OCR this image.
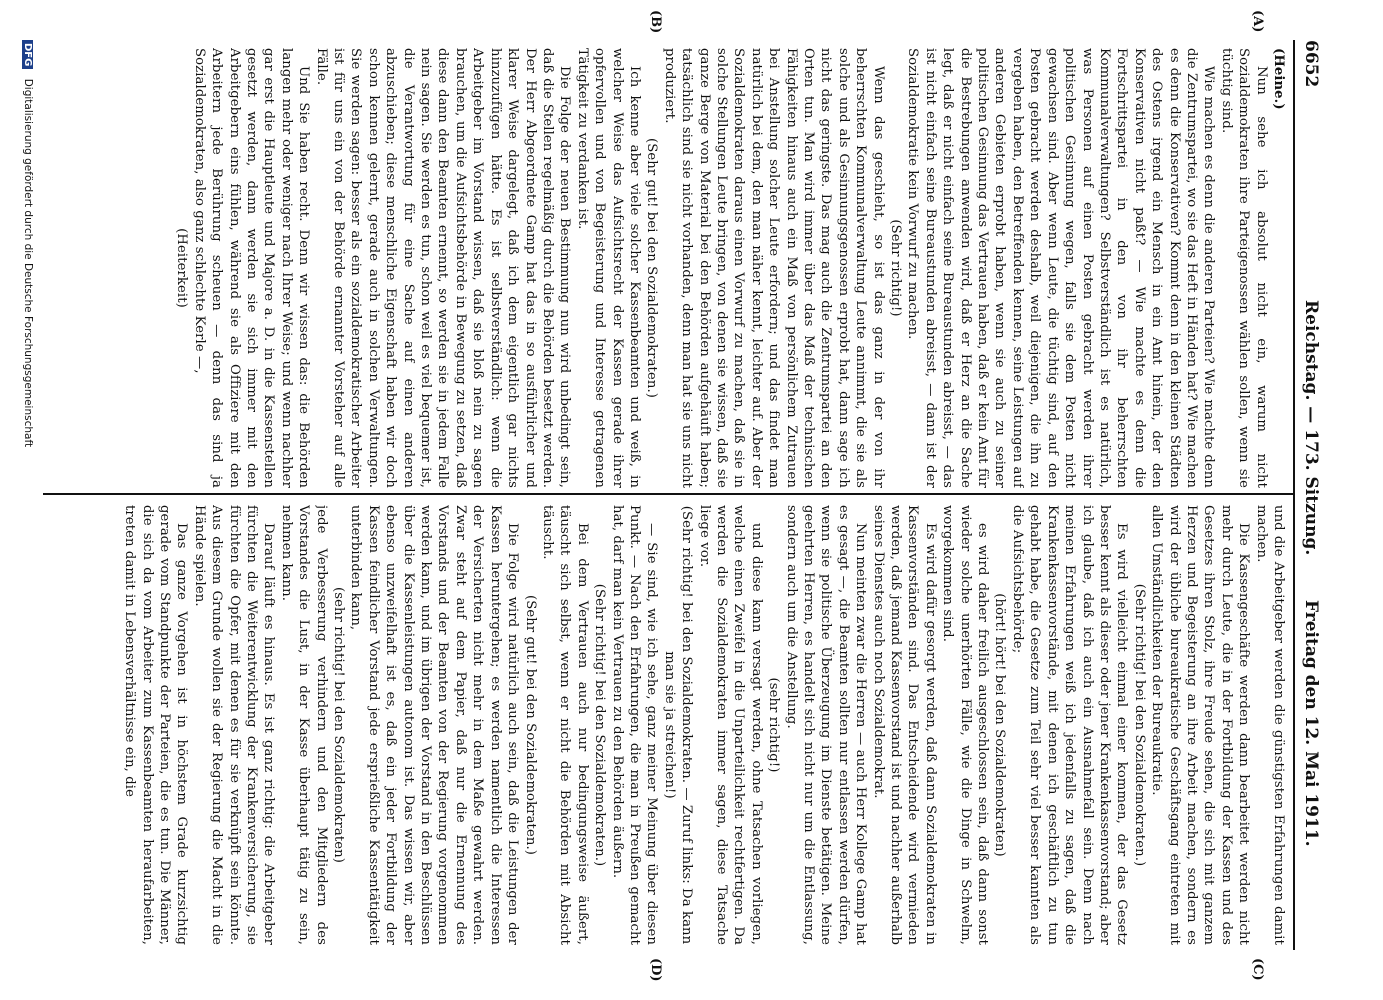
6652
Reichstag. — 173. Sitzung.
Freitag den 12. Mai 1911.
(A)
(B)
(C)
(D)

(Heine.)

Nun sehe ich absolut nicht ein, warum nicht Sozialdemokraten ihre Parteigenossen wählen sollen, wenn sie tüchtig sind.

Wie machen es denn die anderen Parteien? Wie machte denn die Zentrumspartei, wo sie das Heft in Händen hat? Wie machen es denn die Konservativen? Kommt denn in den kleinen Städten des Ostens irgend ein Mensch in ein Amt hinein, der den Konservativen nicht paßt? — Wie machte es denn die Fortschrittspartei in den von ihr beherrschten Kommunalverwaltungen? Selbstverständlich ist es natürlich, was Personen auf einen Posten gebracht werden ihrer politischen Gesinnung wegen, falls sie dem Posten nicht gewachsen sind. Aber wenn Leute, die tüchtig sind, auf den Posten gebracht werden deshalb, weil diejenigen, die ihn zu vergeben haben, den Betreffenden kennen, seine Leistungen auf anderen Gebieten erprobt haben, wenn sie auch zu seiner politischen Gesinnung das Vertrauen haben, daß er kein Amt für die Bestrebungen anwenden wird, daß er Herz an die Sache legt, daß er nicht einfach seine Bureaustunden abreisst, — das ist nicht einfach seine Bureaustunden abreisst, — dann ist der Sozialdemokratie kein Vorwurf zu machen.

(Sehr richtig!)

Wenn das geschieht, so ist das ganz in der von ihr beherrschten Kommunalverwaltung Leute annimmt, die sie als solche und als Gesinnungsgenossen erprobt hat, dann sage ich nicht das geringste. Das mag auch die Zentrumspartei an den Orten tun. Man wird immer über das Maß der technischen Fähigkeiten hinaus auch ein Maß von persönlichem Zutrauen bei Anstellung solcher Leute erfordern; und das findet man natürlich bei dem, den man näher kennt, leichter auf. Aber der Sozialdemokraten daraus einen Vorwurf zu machen, daß sie in solche Stellungen Leute bringen, von denen sie wissen, daß sie ganze Berge von Material bei den Behörden aufgehäuft haben; tatsächlich sind sie nicht vorhanden, denn man hat sie uns nicht produziert.

(Sehr gut! bei den Sozialdemokraten.)

Ich kenne aber viele solcher Kassenbeamten und weiß, in welcher Weise das Aufsichtsrecht der Kassen gerade ihrer opfervollen und von Begeisterung und Interesse getragenen Tätigkeit zu verdanken ist.

Die Folge der neuen Bestimmung nun wird unbedingt sein, daß die Stellen regelmäßig durch die Behörden besetzt werden. Der Herr Abgeordnete Gamp hat das in so ausführlicher und klarer Weise dargelegt, daß ich dem eigentlich gar nichts hinzuzufügen hätte. Es ist selbstverständlich: wenn die Arbeitgeber im Vorstand wissen, daß sie bloß nein zu sagen brauchen, um die Aufsichtsbehörde in Bewegung zu setzen, daß diese dann den Beamten ernennt, so werden sie in jedem Falle nein sagen. Sie werden es tun, schon weil es viel bequemer ist, die Verantwortung für eine Sache auf einen anderen abzuschieben; diese menschliche Eigenschaft haben wir doch schon kennen gelernt, gerade auch in solchen Verwaltungen. Sie werden sagen: besser als ein sozialdemokratischer Arbeiter ist für uns ein von der Behörde ernannter Vorsteher auf alle Fälle.

Und Sie haben recht. Denn wir wissen das: die Behörden langen mehr oder weniger nach Ihrer Weise; und wenn nachher gar erst die Hauptleute und Majore a. D. in die Kassenstellen gesetzt werden, dann werden sie sich immer mit den Arbeitgebern eins fühlen, während sie als Offiziere mit den Arbeitern jede Berührung scheuen — denn das sind ja Sozialdemokraten, also ganz schlechte Kerle —,

(Heiterkeit)

und die Arbeitgeber werden die günstigsten Erfahrungen damit machen.

Die Kassengeschäfte werden dann bearbeitet werden nicht mehr durch Leute, die in der Fortbildung der Kassen und des Gesetzes ihren Stolz, ihre Freude sehen, die sich mit ganzem Herzen und Begeisterung an ihre Arbeit machen, sondern es wird der übliche bureaukratische Geschäftsgang eintreten mit allen Umständlichkeiten der Bureaukratie.

(Sehr richtig! bei den Sozialdemokraten.)

Es wird vielleicht einmal einer kommen, der das Gesetz besser kennt als dieser oder jener Krankenkassenvorstand; aber ich glaube, daß ich auch ein Ausnahmefall sein. Denn nach meinen Erfahrungen weiß ich jedenfalls zu sagen, daß die Krankenkassenvorstände, mit denen ich geschäftlich zu tun gehabt habe, die Gesetze zum Teil sehr viel besser kannten als die Aufsichtsbehörde;

(hört! hört! bei den Sozialdemokraten)

es wird daher freilich ausgeschlossen sein, daß dann sonst wieder solche unerhörten Fälle, wie die Dinge in Schwelm, worgekommen sind.

Es wird dafür gesorgt werden, daß dann Sozialdemokraten in Kassenvorständen sind. Das Entscheidende wird vermieden werden, daß jemand Kassenvorstand ist und nachher außerhalb seines Dienstes auch noch Sozialdemokrat.

Nun meinten zwar die Herren — auch Herr Kollege Gamp hat es gesagt —, die Beamten sollten nur entlassen werden dürfen, wenn sie politische Überzeugung im Dienste betätigen. Meine geehrten Herren, es handelt sich nicht nur um die Entlassung, sondern auch um die Anstellung.

(sehr richtig!)

und diese kann versagt werden, ohne Tatsachen vorliegen, welche einen Zweifel in die Unparteilichkeit rechtfertigen. Da werden die Sozialdemokraten immer sagen, diese Tatsache liege vor.

(Sehr richtig! bei den Sozialdemokraten. — Zuruf links: Da kann man sie ja streichen!)

— Sie sind, wie ich sehe, ganz meiner Meinung über diesen Punkt. — Nach den Erfahrungen, die man in Preußen gemacht hat, darf man kein Vertrauen zu den Behörden äußern.

(Sehr richtig! bei den Sozialdemokraten.)

Bei dem Vertrauen auch nur bedingungsweise äußert, täuscht sich selbst, wenn er nicht die Behörden mit Absicht täuscht.

(Sehr gut! bei den Sozialdemokraten.)

Die Folge wird natürlich auch sein, daß die Leistungen der Kassen heruntergehen; es werden namentlich die Interessen der Versicherten nicht mehr in dem Maße gewahrt werden. Zwar steht auf dem Papier, daß nur die Ernennung des Vorstands und der Beamten von der Regierung vorgenommen werden kann, und im übrigen der Vorstand in den Beschlüssen über die Kassenleistungen autonom ist. Das wissen wir, aber ebenso unzweifelhaft ist es, daß ein jeder Fortbildung der Kassen feindlicher Vorstand jede ersprießliche Kassentätigkeit unterbinden kann,

(sehr richtig! bei den Sozialdemokraten)

jede Verbesserung verhindern und den Mitgliedern des Vorstandes die Lust, in der Kasse überhaupt tätig zu sein, nehmen kann.

Darauf läuft es hinaus. Es ist ganz richtig: die Arbeitgeber fürchten die Weiterentwicklung der Krankenversicherung, sie fürchten die Opfer, mit denen es für sie verknüpft sein könnte. Aus diesem Grunde wollen sie der Regierung die Macht in die Hände spielen.

Das ganze Vorgehen ist in höchstem Grade kurzsichtig gerade vom Standpunkte der Parteien, die es tun. Die Männer, die sich da vom Arbeiter zum Kassenbeamten heraufarbeiten, treten damit in Lebensverhältnisse ein, die

DFG Digitalisierung gefördert durch die Deutsche Forschungsgemeinschaft
